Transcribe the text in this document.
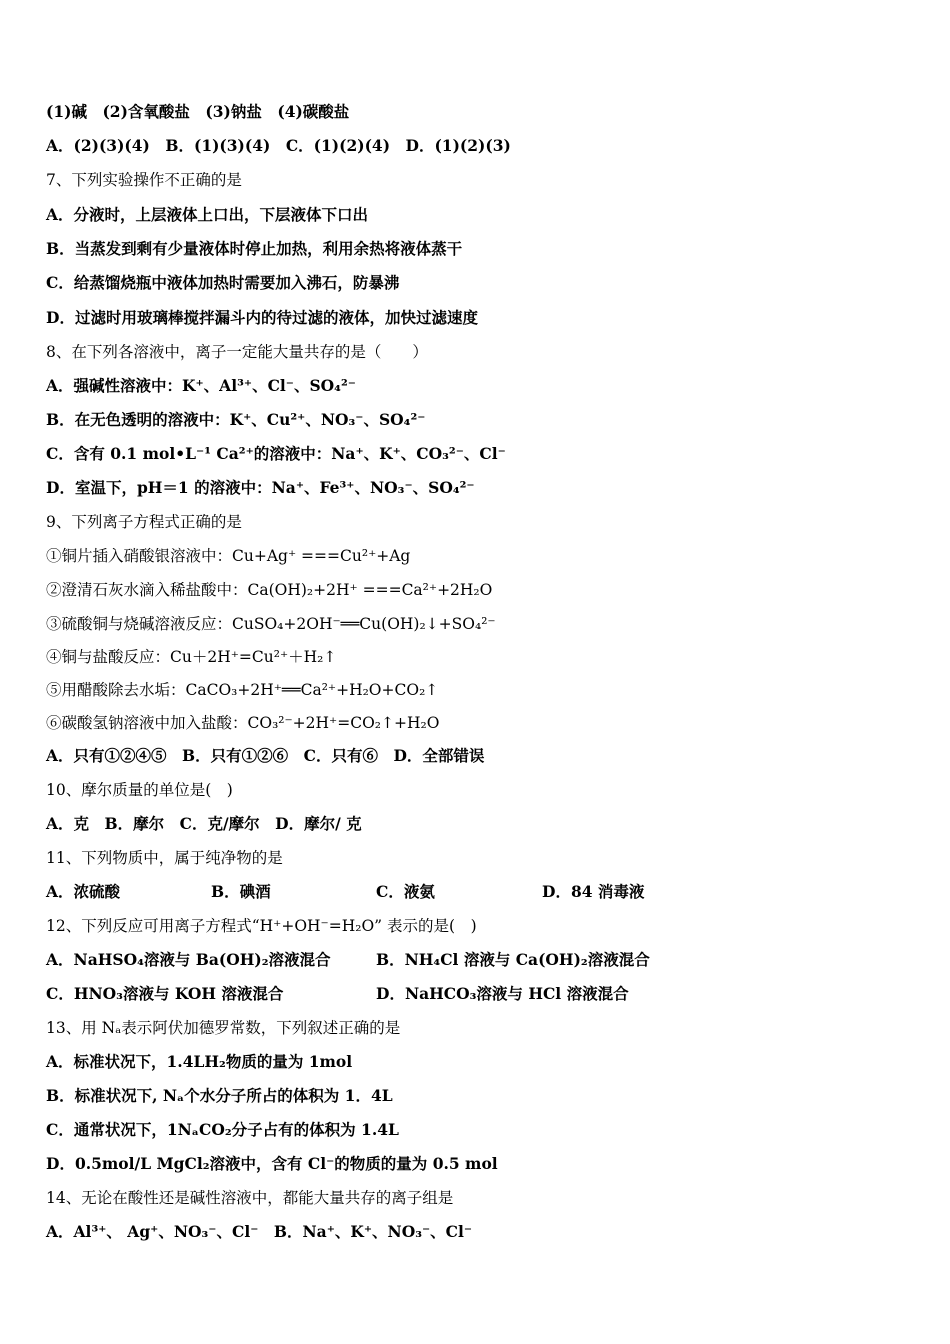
(1)碱　(2)含氧酸盐　(3)钠盐　(4)碳酸盐
A．(2)(3)(4)　B．(1)(3)(4)　C．(1)(2)(4)　D．(1)(2)(3)
7、下列实验操作不正确的是
A．分液时，上层液体上口出，下层液体下口出
B．当蒸发到剩有少量液体时停止加热，利用余热将液体蒸干
C．给蒸馏烧瓶中液体加热时需要加入沸石，防暴沸
D．过滤时用玻璃棒搅拌漏斗内的待过滤的液体，加快过滤速度
8、在下列各溶液中，离子一定能大量共存的是（　　）
A．强碱性溶液中：K⁺、Al³⁺、Cl⁻、SO₄²⁻
B．在无色透明的溶液中：K⁺、Cu²⁺、NO₃⁻、SO₄²⁻
C．含有 0.1 mol•L⁻¹ Ca²⁺的溶液中：Na⁺、K⁺、CO₃²⁻、Cl⁻
D．室温下，pH＝1 的溶液中：Na⁺、Fe³⁺、NO₃⁻、SO₄²⁻
9、下列离子方程式正确的是
①铜片插入硝酸银溶液中：Cu+Ag⁺ ===Cu²⁺+Ag
②澄清石灰水滴入稀盐酸中：Ca(OH)₂+2H⁺ ===Ca²⁺+2H₂O
③硫酸铜与烧碱溶液反应：CuSO₄+2OH⁻══Cu(OH)₂↓+SO₄²⁻
④铜与盐酸反应：Cu＋2H⁺=Cu²⁺＋H₂↑
⑤用醋酸除去水垢：CaCO₃+2H⁺══Ca²⁺+H₂O+CO₂↑
⑥碳酸氢钠溶液中加入盐酸：CO₃²⁻+2H⁺=CO₂↑+H₂O
A．只有①②④⑤　B．只有①②⑥　C．只有⑥　D．全部错误
10、摩尔质量的单位是(　)
A．克　B．摩尔　C．克/摩尔　D．摩尔/ 克
11、下列物质中，属于纯净物的是
A．浓硫酸	B．碘酒	C．液氨	D．84 消毒液
12、下列反应可用离子方程式“H⁺+OH⁻=H₂O” 表示的是(　)
A．NaHSO₄溶液与 Ba(OH)₂溶液混合	B．NH₄Cl 溶液与 Ca(OH)₂溶液混合
C．HNO₃溶液与 KOH 溶液混合	D．NaHCO₃溶液与 HCl 溶液混合
13、用 Nₐ表示阿伏加德罗常数，下列叙述正确的是
A．标准状况下，1.4LH₂物质的量为 1mol
B．标准状况下, Nₐ个水分子所占的体积为 1．4L
C．通常状况下，1NₐCO₂分子占有的体积为 1.4L
D．0.5mol/L MgCl₂溶液中，含有 Cl⁻的物质的量为 0.5 mol
14、无论在酸性还是碱性溶液中，都能大量共存的离子组是
A．Al³⁺、 Ag⁺、NO₃⁻、Cl⁻　B．Na⁺、K⁺、NO₃⁻、Cl⁻
